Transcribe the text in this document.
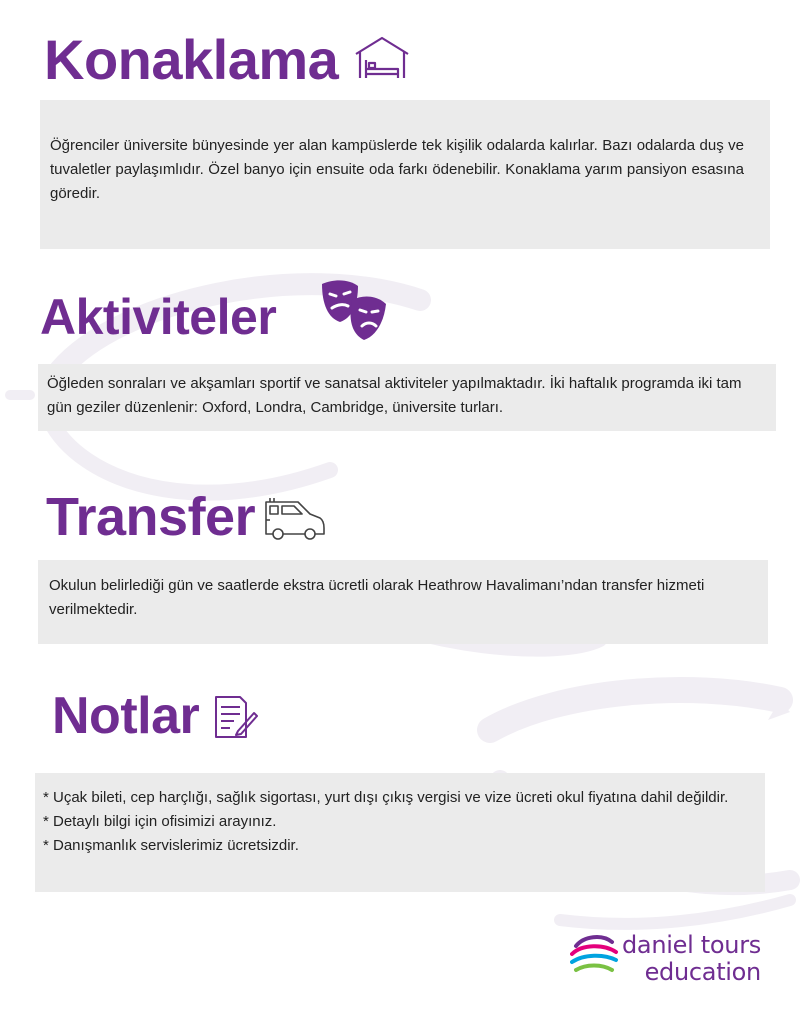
Konaklama

Öğrenciler üniversite bünyesinde yer alan kampüslerde tek kişilik odalarda kalırlar. Bazı odalarda duş ve tuvaletler paylaşımlıdır. Özel banyo için ensuite oda farkı ödenebilir. Konaklama yarım pansiyon esasına göredir.

Aktiviteler

Öğleden sonraları ve akşamları sportif ve sanatsal aktiviteler yapılmaktadır. İki haftalık programda iki tam gün geziler düzenlenir: Oxford, Londra, Cambridge, üniversite turları.

Transfer

Okulun belirlediği gün ve saatlerde ekstra ücretli olarak Heathrow Havalimanı’ndan transfer hizmeti verilmektedir.

Notlar
* Uçak bileti, cep harçlığı, sağlık sigortası, yurt dışı çıkış vergisi ve vize ücreti okul fiyatına dahil değildir.
* Detaylı bilgi için ofisimizi arayınız.
* Danışmanlık servislerimiz ücretsizdir.
daniel tours
education
